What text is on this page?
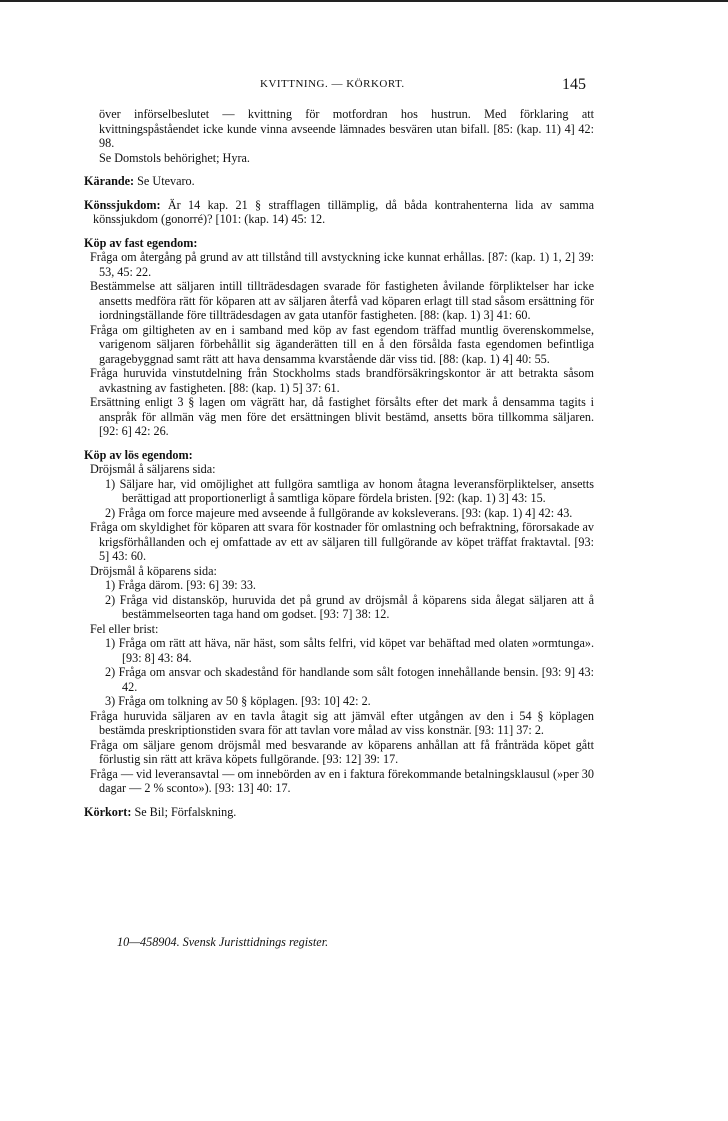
KVITTNING. — KÖRKORT.	145

över införselbeslutet — kvittning för motfordran hos hustrun. Med förklaring att kvittningspåståendet icke kunde vinna avseende lämnades besvären utan bifall. [85: (kap. 11) 4] 42: 98.

Se Domstols behörighet; Hyra.

Kärande: Se Utevaro.

Könssjukdom: Är 14 kap. 21 § strafflagen tillämplig, då båda kontrahenterna lida av samma könssjukdom (gonorré)? [101: (kap. 14) 45: 12.

Köp av fast egendom:

Fråga om återgång på grund av att tillstånd till avstyckning icke kunnat erhållas. [87: (kap. 1) 1, 2] 39: 53, 45: 22.

Bestämmelse att säljaren intill tillträdesdagen svarade för fastigheten åvilande förpliktelser har icke ansetts medföra rätt för köparen att av säljaren återfå vad köparen erlagt till stad såsom ersättning för iordningställande före tillträdesdagen av gata utanför fastigheten. [88: (kap. 1) 3] 41: 60.

Fråga om giltigheten av en i samband med köp av fast egendom träffad muntlig överenskommelse, varigenom säljaren förbehållit sig äganderätten till en å den försålda fasta egendomen befintliga garagebyggnad samt rätt att hava densamma kvarstående där viss tid. [88: (kap. 1) 4] 40: 55.

Fråga huruvida vinstutdelning från Stockholms stads brandförsäkringskontor är att betrakta såsom avkastning av fastigheten. [88: (kap. 1) 5] 37: 61.

Ersättning enligt 3 § lagen om vägrätt har, då fastighet försålts efter det mark å densamma tagits i anspråk för allmän väg men före det ersättningen blivit bestämd, ansetts böra tillkomma säljaren. [92: 6] 42: 26.

Köp av lös egendom:

Dröjsmål å säljarens sida:

1) Säljare har, vid omöjlighet att fullgöra samtliga av honom åtagna leveransförpliktelser, ansetts berättigad att proportionerligt å samtliga köpare fördela bristen. [92: (kap. 1) 3] 43: 15.

2) Fråga om force majeure med avseende å fullgörande av koksleverans. [93: (kap. 1) 4] 42: 43.

Fråga om skyldighet för köparen att svara för kostnader för omlastning och befraktning, förorsakade av krigsförhållanden och ej omfattade av ett av säljaren till fullgörande av köpet träffat fraktavtal. [93: 5] 43: 60.

Dröjsmål å köparens sida:

1) Fråga därom. [93: 6] 39: 33.

2) Fråga vid distansköp, huruvida det på grund av dröjsmål å köparens sida ålegat säljaren att å bestämmelseorten taga hand om godset. [93: 7] 38: 12.

Fel eller brist:

1) Fråga om rätt att häva, när häst, som sålts felfri, vid köpet var behäftad med olaten »ormtunga». [93: 8] 43: 84.

2) Fråga om ansvar och skadestånd för handlande som sålt fotogen innehållande bensin. [93: 9] 43: 42.

3) Fråga om tolkning av 50 § köplagen. [93: 10] 42: 2.

Fråga huruvida säljaren av en tavla åtagit sig att jämväl efter utgången av den i 54 § köplagen bestämda preskriptionstiden svara för att tavlan vore målad av viss konstnär. [93: 11] 37: 2.

Fråga om säljare genom dröjsmål med besvarande av köparens anhållan att få frånträda köpet gått förlustig sin rätt att kräva köpets fullgörande. [93: 12] 39: 17.

Fråga — vid leveransavtal — om innebörden av en i faktura förekommande betalningsklausul (»per 30 dagar — 2 % sconto»). [93: 13] 40: 17.

Körkort: Se Bil; Förfalskning.

10—458904. Svensk Juristtidnings register.
